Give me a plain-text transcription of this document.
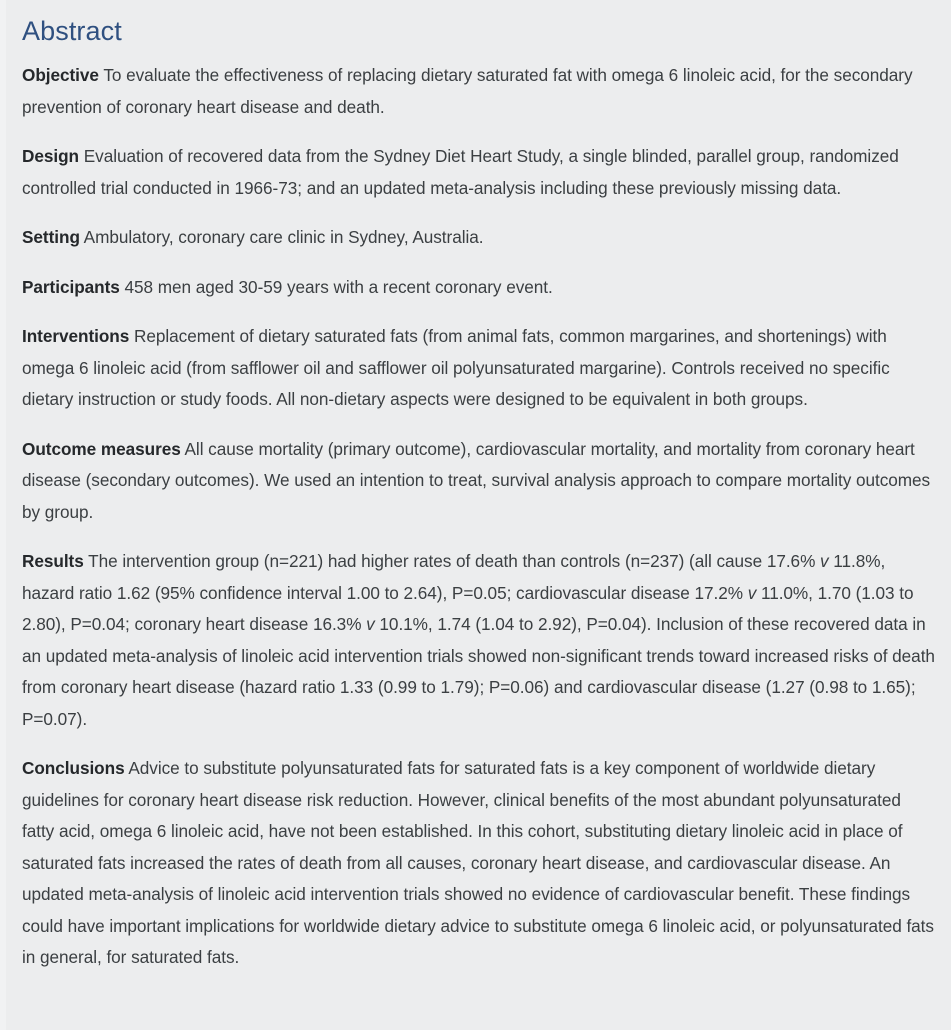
Abstract

Objective To evaluate the effectiveness of replacing dietary saturated fat with omega 6 linoleic acid, for the secondary prevention of coronary heart disease and death.

Design Evaluation of recovered data from the Sydney Diet Heart Study, a single blinded, parallel group, randomized controlled trial conducted in 1966-73; and an updated meta-analysis including these previously missing data.

Setting Ambulatory, coronary care clinic in Sydney, Australia.

Participants 458 men aged 30-59 years with a recent coronary event.

Interventions Replacement of dietary saturated fats (from animal fats, common margarines, and shortenings) with omega 6 linoleic acid (from safflower oil and safflower oil polyunsaturated margarine). Controls received no specific dietary instruction or study foods. All non-dietary aspects were designed to be equivalent in both groups.

Outcome measures All cause mortality (primary outcome), cardiovascular mortality, and mortality from coronary heart disease (secondary outcomes). We used an intention to treat, survival analysis approach to compare mortality outcomes by group.

Results The intervention group (n=221) had higher rates of death than controls (n=237) (all cause 17.6% v 11.8%, hazard ratio 1.62 (95% confidence interval 1.00 to 2.64), P=0.05; cardiovascular disease 17.2% v 11.0%, 1.70 (1.03 to 2.80), P=0.04; coronary heart disease 16.3% v 10.1%, 1.74 (1.04 to 2.92), P=0.04). Inclusion of these recovered data in an updated meta-analysis of linoleic acid intervention trials showed non-significant trends toward increased risks of death from coronary heart disease (hazard ratio 1.33 (0.99 to 1.79); P=0.06) and cardiovascular disease (1.27 (0.98 to 1.65); P=0.07).

Conclusions Advice to substitute polyunsaturated fats for saturated fats is a key component of worldwide dietary guidelines for coronary heart disease risk reduction. However, clinical benefits of the most abundant polyunsaturated fatty acid, omega 6 linoleic acid, have not been established. In this cohort, substituting dietary linoleic acid in place of saturated fats increased the rates of death from all causes, coronary heart disease, and cardiovascular disease. An updated meta-analysis of linoleic acid intervention trials showed no evidence of cardiovascular benefit. These findings could have important implications for worldwide dietary advice to substitute omega 6 linoleic acid, or polyunsaturated fats in general, for saturated fats.
